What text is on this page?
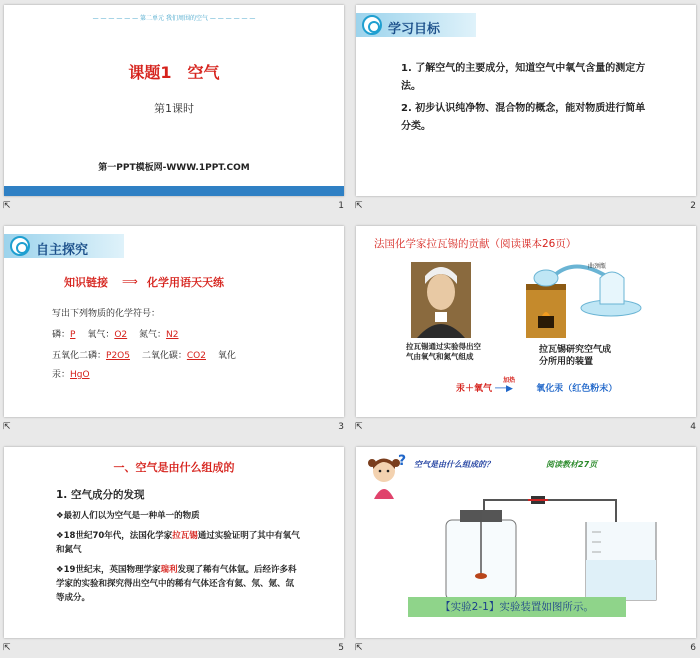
— — — — — — 第二单元 我们周围的空气 — — — — — —
课题1　空气
第1课时
第一PPT模板网-WWW.1PPT.COM
⇱	1
学习目标
1. 了解空气的主要成分，知道空气中氧气含量的测定方法。
2. 初步认识纯净物、混合物的概念，能对物质进行简单分类。
⇱	2
自主探究
知识链接 ⟹ 化学用语天天练
写出下列物质的化学符号：
磷：P 　氧气：O2 　氮气：N2
五氧化二磷：P2O5 　二氧化碳：CO2 　氧化
汞：HgO
⇱	3
法国化学家拉瓦锡的贡献（阅读课本26页）
拉瓦锡通过实验得出空气由氧气和氮气组成
曲颈甑
拉瓦锡研究空气成分所用的装置
汞＋氧气
加热
──▶	氧化汞（红色粉末）
⇱	4
一、空气是由什么组成的
1. 空气成分的发现
❖最初人们以为空气是一种单一的物质
❖18世纪70年代，法国化学家拉瓦锡通过实验证明了其中有氧气和氮气
❖19世纪末，英国物理学家瑞利发现了稀有气体氩。后经许多科学家的实验和探究得出空气中的稀有气体还含有氦、氖、氪、氙等成分。
⇱	5
? 空气是由什么组成的？	阅读教材27页
【实验2-1】实验装置如图所示。
⇱	6
